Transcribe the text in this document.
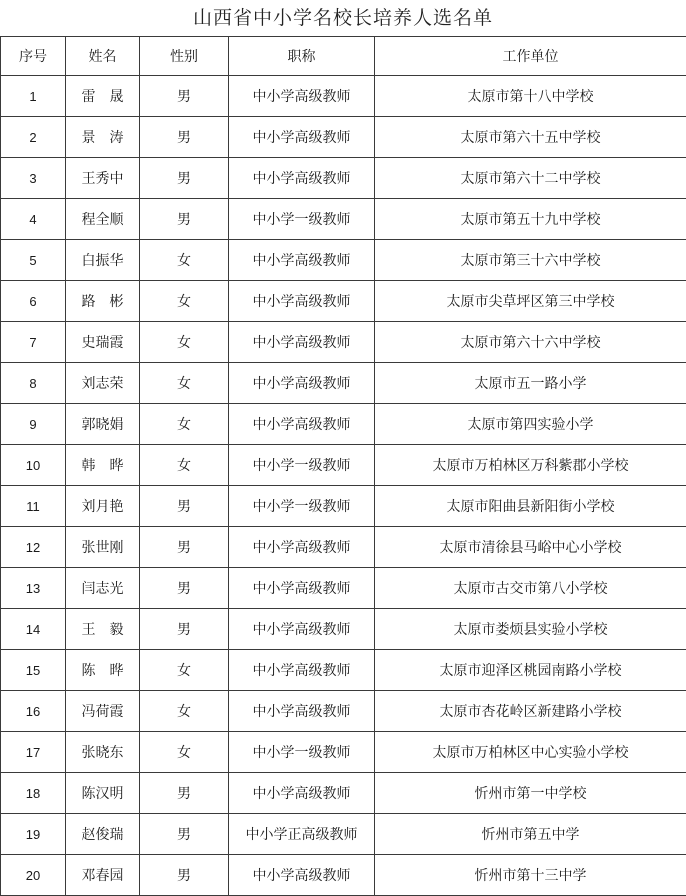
山西省中小学名校长培养人选名单
序号	姓名	性别	职称	工作单位
1	雷　晟	男	中小学高级教师	太原市第十八中学校
2	景　涛	男	中小学高级教师	太原市第六十五中学校
3	王秀中	男	中小学高级教师	太原市第六十二中学校
4	程全顺	男	中小学一级教师	太原市第五十九中学校
5	白振华	女	中小学高级教师	太原市第三十六中学校
6	路　彬	女	中小学高级教师	太原市尖草坪区第三中学校
7	史瑞霞	女	中小学高级教师	太原市第六十六中学校
8	刘志荣	女	中小学高级教师	太原市五一路小学
9	郭晓娟	女	中小学高级教师	太原市第四实验小学
10	韩　晔	女	中小学一级教师	太原市万柏林区万科紫郡小学校
11	刘月艳	男	中小学一级教师	太原市阳曲县新阳街小学校
12	张世刚	男	中小学高级教师	太原市清徐县马峪中心小学校
13	闫志光	男	中小学高级教师	太原市古交市第八小学校
14	王　毅	男	中小学高级教师	太原市娄烦县实验小学校
15	陈　晔	女	中小学高级教师	太原市迎泽区桃园南路小学校
16	冯荷霞	女	中小学高级教师	太原市杏花岭区新建路小学校
17	张晓东	女	中小学一级教师	太原市万柏林区中心实验小学校
18	陈汉明	男	中小学高级教师	忻州市第一中学校
19	赵俊瑞	男	中小学正高级教师	忻州市第五中学
20	邓春园	男	中小学高级教师	忻州市第十三中学
